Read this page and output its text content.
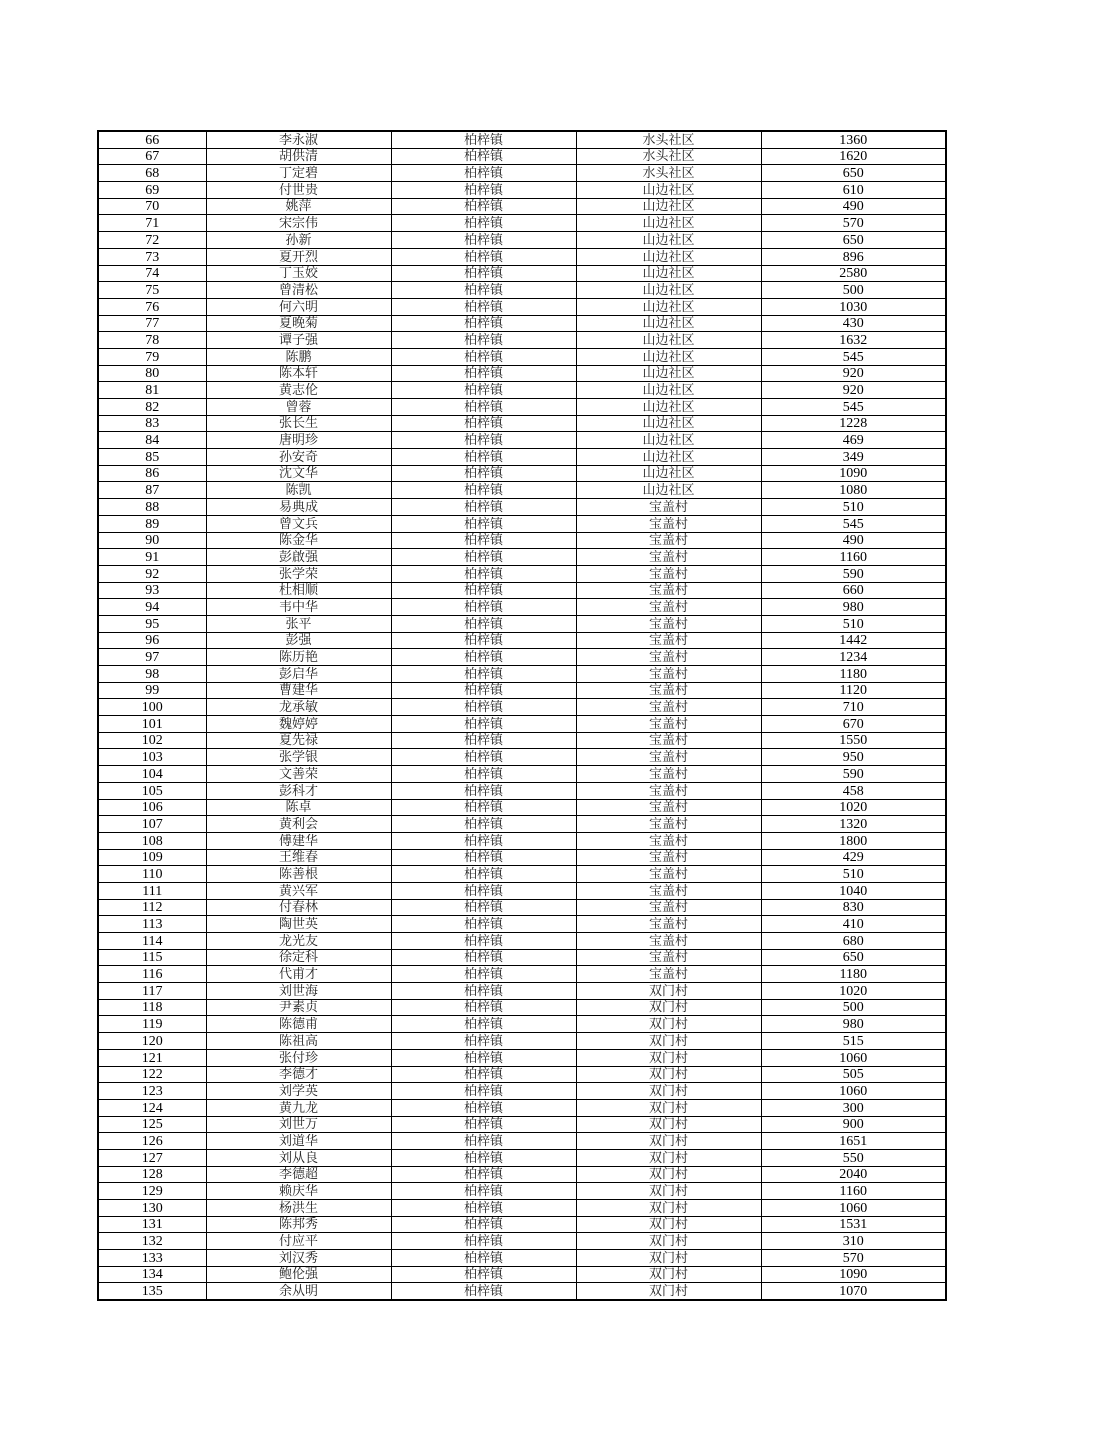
66	李永淑	柏梓镇	水头社区	1360
67	胡供清	柏梓镇	水头社区	1620
68	丁定碧	柏梓镇	水头社区	650
69	付世贵	柏梓镇	山边社区	610
70	姚萍	柏梓镇	山边社区	490
71	宋宗伟	柏梓镇	山边社区	570
72	孙新	柏梓镇	山边社区	650
73	夏开烈	柏梓镇	山边社区	896
74	丁玉姣	柏梓镇	山边社区	2580
75	曾清松	柏梓镇	山边社区	500
76	何六明	柏梓镇	山边社区	1030
77	夏晚菊	柏梓镇	山边社区	430
78	谭子强	柏梓镇	山边社区	1632
79	陈鹏	柏梓镇	山边社区	545
80	陈本轩	柏梓镇	山边社区	920
81	黄志伦	柏梓镇	山边社区	920
82	曾蓉	柏梓镇	山边社区	545
83	张长生	柏梓镇	山边社区	1228
84	唐明珍	柏梓镇	山边社区	469
85	孙安奇	柏梓镇	山边社区	349
86	沈文华	柏梓镇	山边社区	1090
87	陈凯	柏梓镇	山边社区	1080
88	易典成	柏梓镇	宝盖村	510
89	曾文兵	柏梓镇	宝盖村	545
90	陈金华	柏梓镇	宝盖村	490
91	彭啟强	柏梓镇	宝盖村	1160
92	张学荣	柏梓镇	宝盖村	590
93	杜相顺	柏梓镇	宝盖村	660
94	韦中华	柏梓镇	宝盖村	980
95	张平	柏梓镇	宝盖村	510
96	彭强	柏梓镇	宝盖村	1442
97	陈历艳	柏梓镇	宝盖村	1234
98	彭启华	柏梓镇	宝盖村	1180
99	曹建华	柏梓镇	宝盖村	1120
100	龙承敏	柏梓镇	宝盖村	710
101	魏婷婷	柏梓镇	宝盖村	670
102	夏先禄	柏梓镇	宝盖村	1550
103	张学银	柏梓镇	宝盖村	950
104	文善荣	柏梓镇	宝盖村	590
105	彭科才	柏梓镇	宝盖村	458
106	陈卓	柏梓镇	宝盖村	1020
107	黄利会	柏梓镇	宝盖村	1320
108	傅建华	柏梓镇	宝盖村	1800
109	王维春	柏梓镇	宝盖村	429
110	陈善根	柏梓镇	宝盖村	510
111	黄兴军	柏梓镇	宝盖村	1040
112	付春林	柏梓镇	宝盖村	830
113	陶世英	柏梓镇	宝盖村	410
114	龙光友	柏梓镇	宝盖村	680
115	徐定科	柏梓镇	宝盖村	650
116	代甫才	柏梓镇	宝盖村	1180
117	刘世海	柏梓镇	双门村	1020
118	尹素贞	柏梓镇	双门村	500
119	陈德甫	柏梓镇	双门村	980
120	陈祖高	柏梓镇	双门村	515
121	张付珍	柏梓镇	双门村	1060
122	李德才	柏梓镇	双门村	505
123	刘学英	柏梓镇	双门村	1060
124	黄九龙	柏梓镇	双门村	300
125	刘世万	柏梓镇	双门村	900
126	刘道华	柏梓镇	双门村	1651
127	刘从良	柏梓镇	双门村	550
128	李德超	柏梓镇	双门村	2040
129	赖庆华	柏梓镇	双门村	1160
130	杨洪生	柏梓镇	双门村	1060
131	陈邦秀	柏梓镇	双门村	1531
132	付应平	柏梓镇	双门村	310
133	刘汉秀	柏梓镇	双门村	570
134	鲍伦强	柏梓镇	双门村	1090
135	余从明	柏梓镇	双门村	1070
